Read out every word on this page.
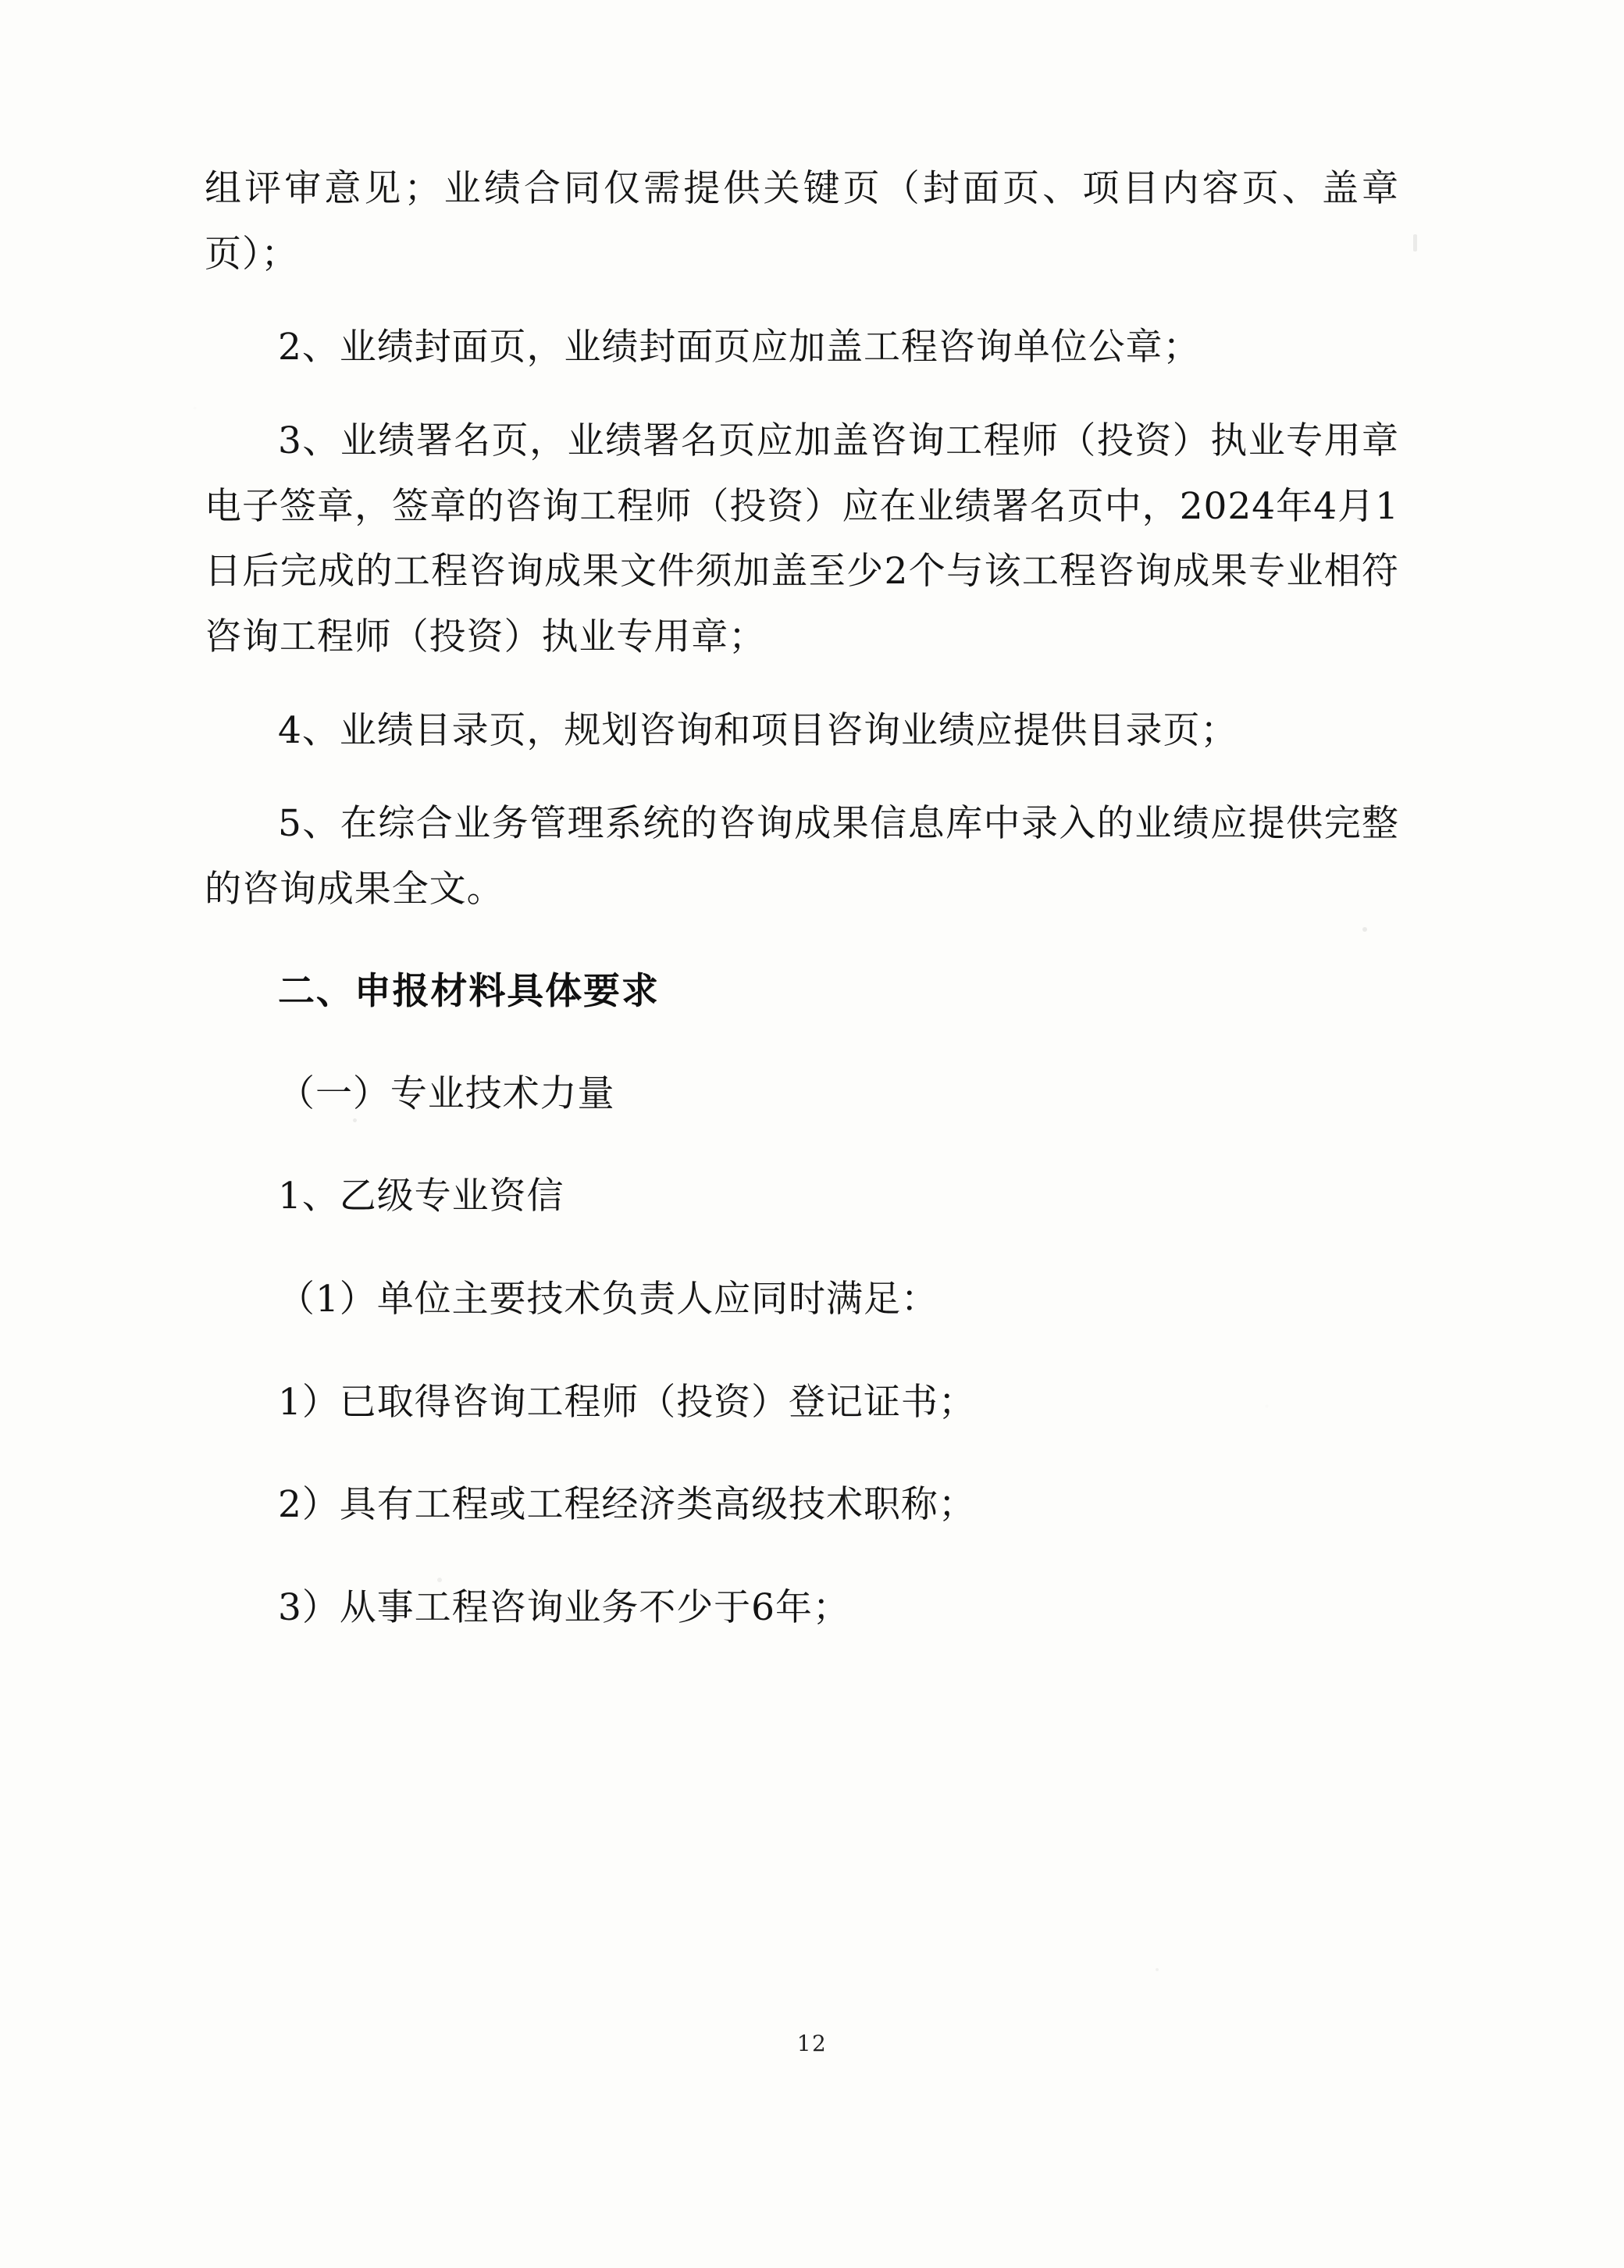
组评审意见；业绩合同仅需提供关键页（封面页、项目内容页、盖章页）；

2、业绩封面页，业绩封面页应加盖工程咨询单位公章；

3、业绩署名页，业绩署名页应加盖咨询工程师（投资）执业专用章电子签章，签章的咨询工程师（投资）应在业绩署名页中，2024年4月1日后完成的工程咨询成果文件须加盖至少2个与该工程咨询成果专业相符咨询工程师（投资）执业专用章；

4、业绩目录页，规划咨询和项目咨询业绩应提供目录页；

5、在综合业务管理系统的咨询成果信息库中录入的业绩应提供完整的咨询成果全文。

二、申报材料具体要求

（一）专业技术力量

1、乙级专业资信

（1）单位主要技术负责人应同时满足：

1）已取得咨询工程师（投资）登记证书；

2）具有工程或工程经济类高级技术职称；

3）从事工程咨询业务不少于6年；

12
